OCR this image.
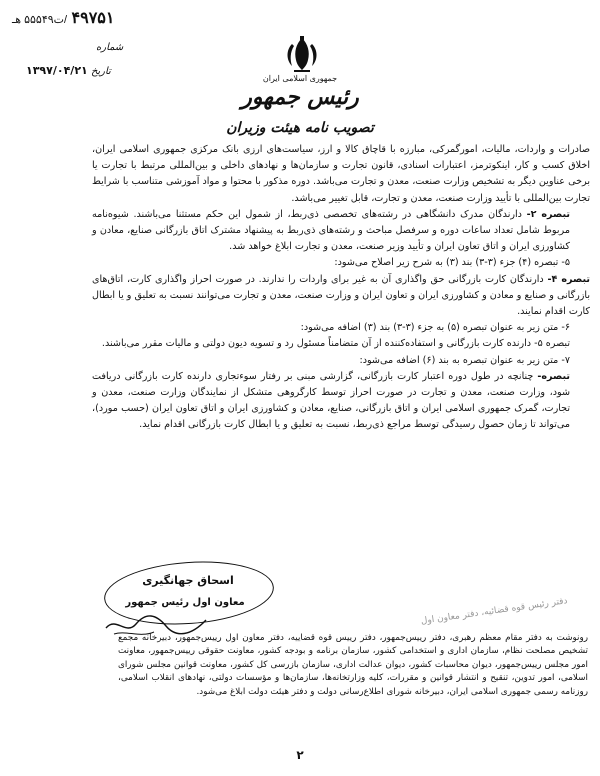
۴۹۷۵۱ /ت۵۵۵۴۹ هـ
شماره
تاریخ ۱۳۹۷/۰۴/۲۱
جمهوری اسلامی ایران
رئیس جمهور
تصویب نامه هیئت وزیران

صادرات و واردات، مالیات، امورگمرکی، مبارزه با قاچاق کالا و ارز، سیاست‌های ارزی بانک مرکزی جمهوری اسلامی ایران، اخلاق کسب و کار، اینکوترمز، اعتبارات اسنادی، قانون تجارت و سازمان‌ها و نهادهای داخلی و بین‌المللی مرتبط با تجارت یا برخی عناوین دیگر به تشخیص وزارت صنعت، معدن و تجارت می‌باشد. دوره مذکور با محتوا و مواد آموزشی متناسب با شرایط تجارت بین‌المللی با تأیید وزارت صنعت، معدن و تجارت، قابل تغییر می‌باشد.

تبصره ۲- دارندگان مدرک دانشگاهی در رشته‌های تخصصی ذی‌ربط، از شمول این حکم مستثنا می‌باشند. شیوه‌نامه مربوط شامل تعداد ساعات دوره و سرفصل مباحث و رشته‌های ذی‌ربط به پیشنهاد مشترک اتاق بازرگانی صنایع، معادن و کشاورزی ایران و اتاق تعاون ایران و تأیید وزیر صنعت، معدن و تجارت ابلاغ خواهد شد.

۵- تبصره (۴) جزء (۳-۳) بند (۳) به شرح زیر اصلاح می‌شود:

تبصره ۴- دارندگان کارت بازرگانی حق واگذاری آن به غیر برای واردات را ندارند. در صورت احراز واگذاری کارت، اتاق‌های بازرگانی و صنایع و معادن و کشاورزی ایران و تعاون ایران و وزارت صنعت، معدن و تجارت می‌توانند نسبت به تعلیق و یا ابطال کارت اقدام نمایند.

۶- متن زیر به عنوان تبصره (۵) به جزء (۳-۳) بند (۳) اضافه می‌شود:

تبصره ۵- دارنده کارت بازرگانی و استفاده‌کننده از آن متضامناً مسئول رد و تسویه دیون دولتی و مالیات مقرر می‌باشند.

۷- متن زیر به عنوان تبصره به بند (۶) اضافه می‌شود:

تبصره- چنانچه در طول دوره اعتبار کارت بازرگانی، گزارشی مبنی بر رفتار سوءتجاری دارنده کارت بازرگانی دریافت شود، وزارت صنعت، معدن و تجارت در صورت احراز توسط کارگروهی متشکل از نمایندگان وزارت صنعت، معدن و تجارت، گمرک جمهوری اسلامی ایران و اتاق بازرگانی، صنایع، معادن و کشاورزی ایران و اتاق تعاون ایران (حسب مورد)، می‌تواند تا زمان حصول رسیدگی توسط مراجع ذی‌ربط، نسبت به تعلیق و یا ابطال کارت بازرگانی اقدام نماید.

اسحاق جهانگیری
معاون اول رئیس جمهور	دفتر رئیس قوه قضائیه، دفتر معاون اول
رونوشت به دفتر مقام معظم رهبری، دفتر رییس‌جمهور، دفتر رییس قوه قضاییه، دفتر معاون اول رییس‌جمهور، دبیرخانه مجمع تشخیص مصلحت نظام، سازمان اداری و استخدامی کشور، سازمان برنامه و بودجه کشور، معاونت حقوقی رییس‌جمهور، معاونت امور مجلس رییس‌جمهور، دیوان محاسبات کشور، دیوان عدالت اداری، سازمان بازرسی کل کشور، معاونت قوانین مجلس شورای اسلامی، امور تدوین، تنقیح و انتشار قوانین و مقررات، کلیه وزارتخانه‌ها، سازمان‌ها و مؤسسات دولتی، نهادهای انقلاب اسلامی، روزنامه رسمی جمهوری اسلامی ایران، دبیرخانه شورای اطلاع‌رسانی دولت و دفتر هیئت دولت ابلاغ می‌شود.
۲
